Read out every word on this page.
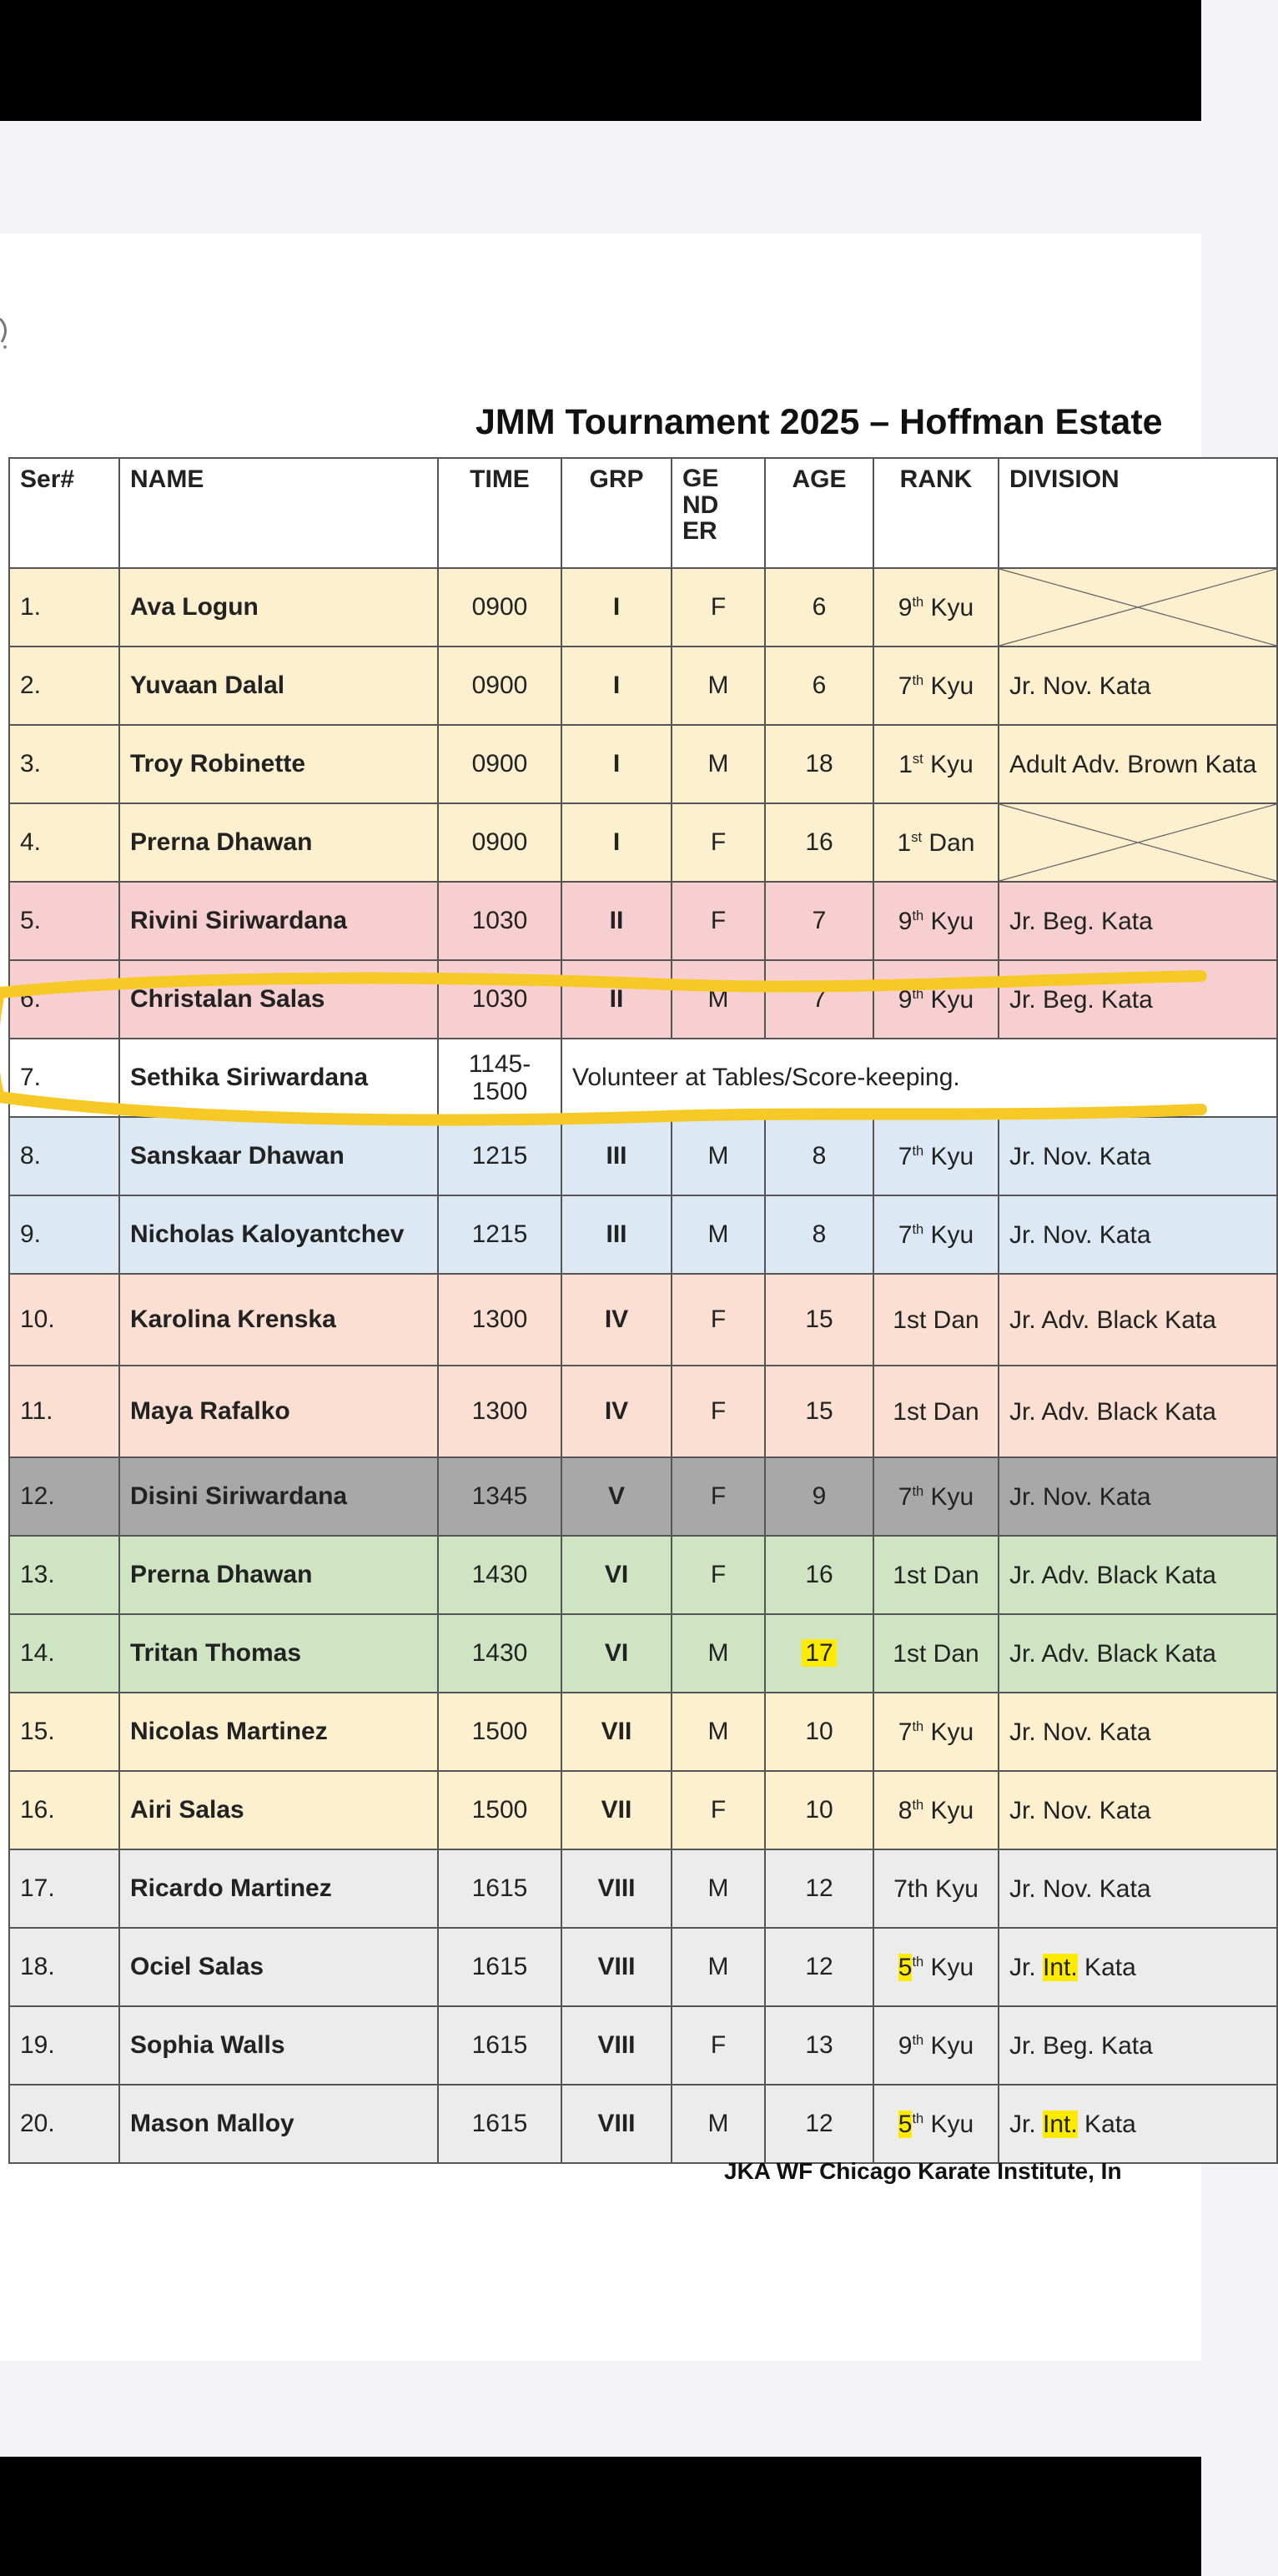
JMM Tournament 2025 – Hoffman Estate
Ser#	NAME	TIME	GRP	GE ND ER	AGE	RANK	DIVISION
1.	Ava Logun	0900	I	F	6	9th Kyu	

2.	Yuvaan Dalal	0900	I	M	6	7th Kyu	Jr. Nov. Kata
3.	Troy Robinette	0900	I	M	18	1st Kyu	Adult Adv. Brown Kata
4.	Prerna Dhawan	0900	I	F	16	1st Dan	

5.	Rivini Siriwardana	1030	II	F	7	9th Kyu	Jr. Beg. Kata
6.	Christalan Salas	1030	II	M	7	9th Kyu	Jr. Beg. Kata
7.	Sethika Siriwardana	1145- 1500	Volunteer at Tables/Score-keeping.				
8.	Sanskaar Dhawan	1215	III	M	8	7th Kyu	Jr. Nov. Kata
9.	Nicholas Kaloyantchev	1215	III	M	8	7th Kyu	Jr. Nov. Kata
10.	Karolina Krenska	1300	IV	F	15	1st Dan	Jr. Adv. Black Kata
11.	Maya Rafalko	1300	IV	F	15	1st Dan	Jr. Adv. Black Kata
12.	Disini Siriwardana	1345	V	F	9	7th Kyu	Jr. Nov. Kata
13.	Prerna Dhawan	1430	VI	F	16	1st Dan	Jr. Adv. Black Kata
14.	Tritan Thomas	1430	VI	M	17	1st Dan	Jr. Adv. Black Kata
15.	Nicolas Martinez	1500	VII	M	10	7th Kyu	Jr. Nov. Kata
16.	Airi Salas	1500	VII	F	10	8th Kyu	Jr. Nov. Kata
17.	Ricardo Martinez	1615	VIII	M	12	7th Kyu	Jr. Nov. Kata
18.	Ociel Salas	1615	VIII	M	12	5th Kyu	Jr. Int. Kata
19.	Sophia Walls	1615	VIII	F	13	9th Kyu	Jr. Beg. Kata
20.	Mason Malloy	1615	VIII	M	12	5th Kyu	Jr. Int. Kata
JKA WF Chicago Karate Institute, In
